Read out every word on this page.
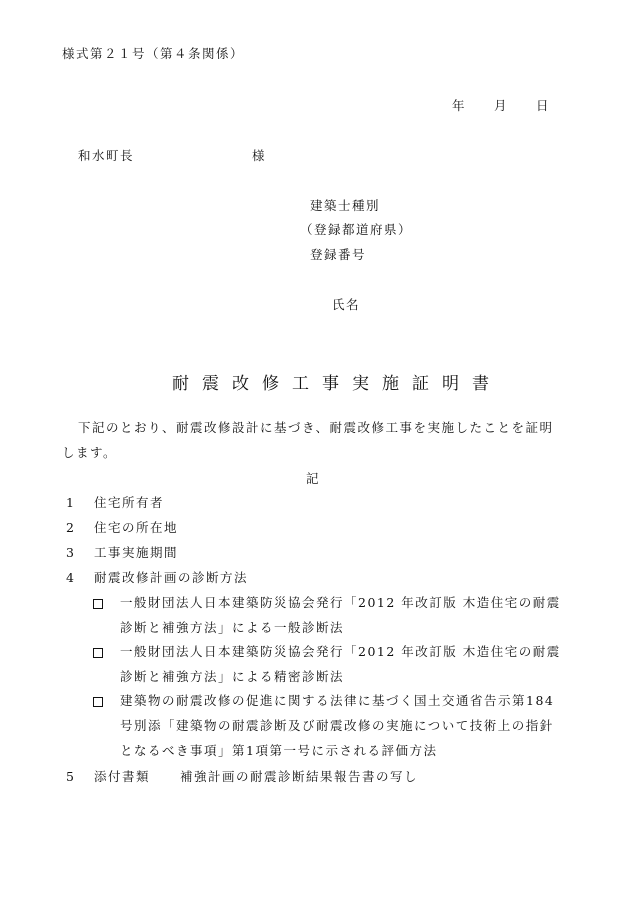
様式第２１号（第４条関係）
年 月 日
和水町長	様
建築士種別
（登録都道府県）
登録番号
氏名
耐震改修工事実施証明書
下記のとおり、耐震改修設計に基づき、耐震改修工事を実施したことを証明
します。
記
1 住宅所有者
2 住宅の所在地
3 工事実施期間
4 耐震改修計画の診断方法
一般財団法人日本建築防災協会発行「2012 年改訂版 木造住宅の耐震
診断と補強方法」による一般診断法
一般財団法人日本建築防災協会発行「2012 年改訂版 木造住宅の耐震
診断と補強方法」による精密診断法
建築物の耐震改修の促進に関する法律に基づく国土交通省告示第184
号別添「建築物の耐震診断及び耐震改修の実施について技術上の指針
となるべき事項」第1項第一号に示される評価方法
5 添付書類 補強計画の耐震診断結果報告書の写し
